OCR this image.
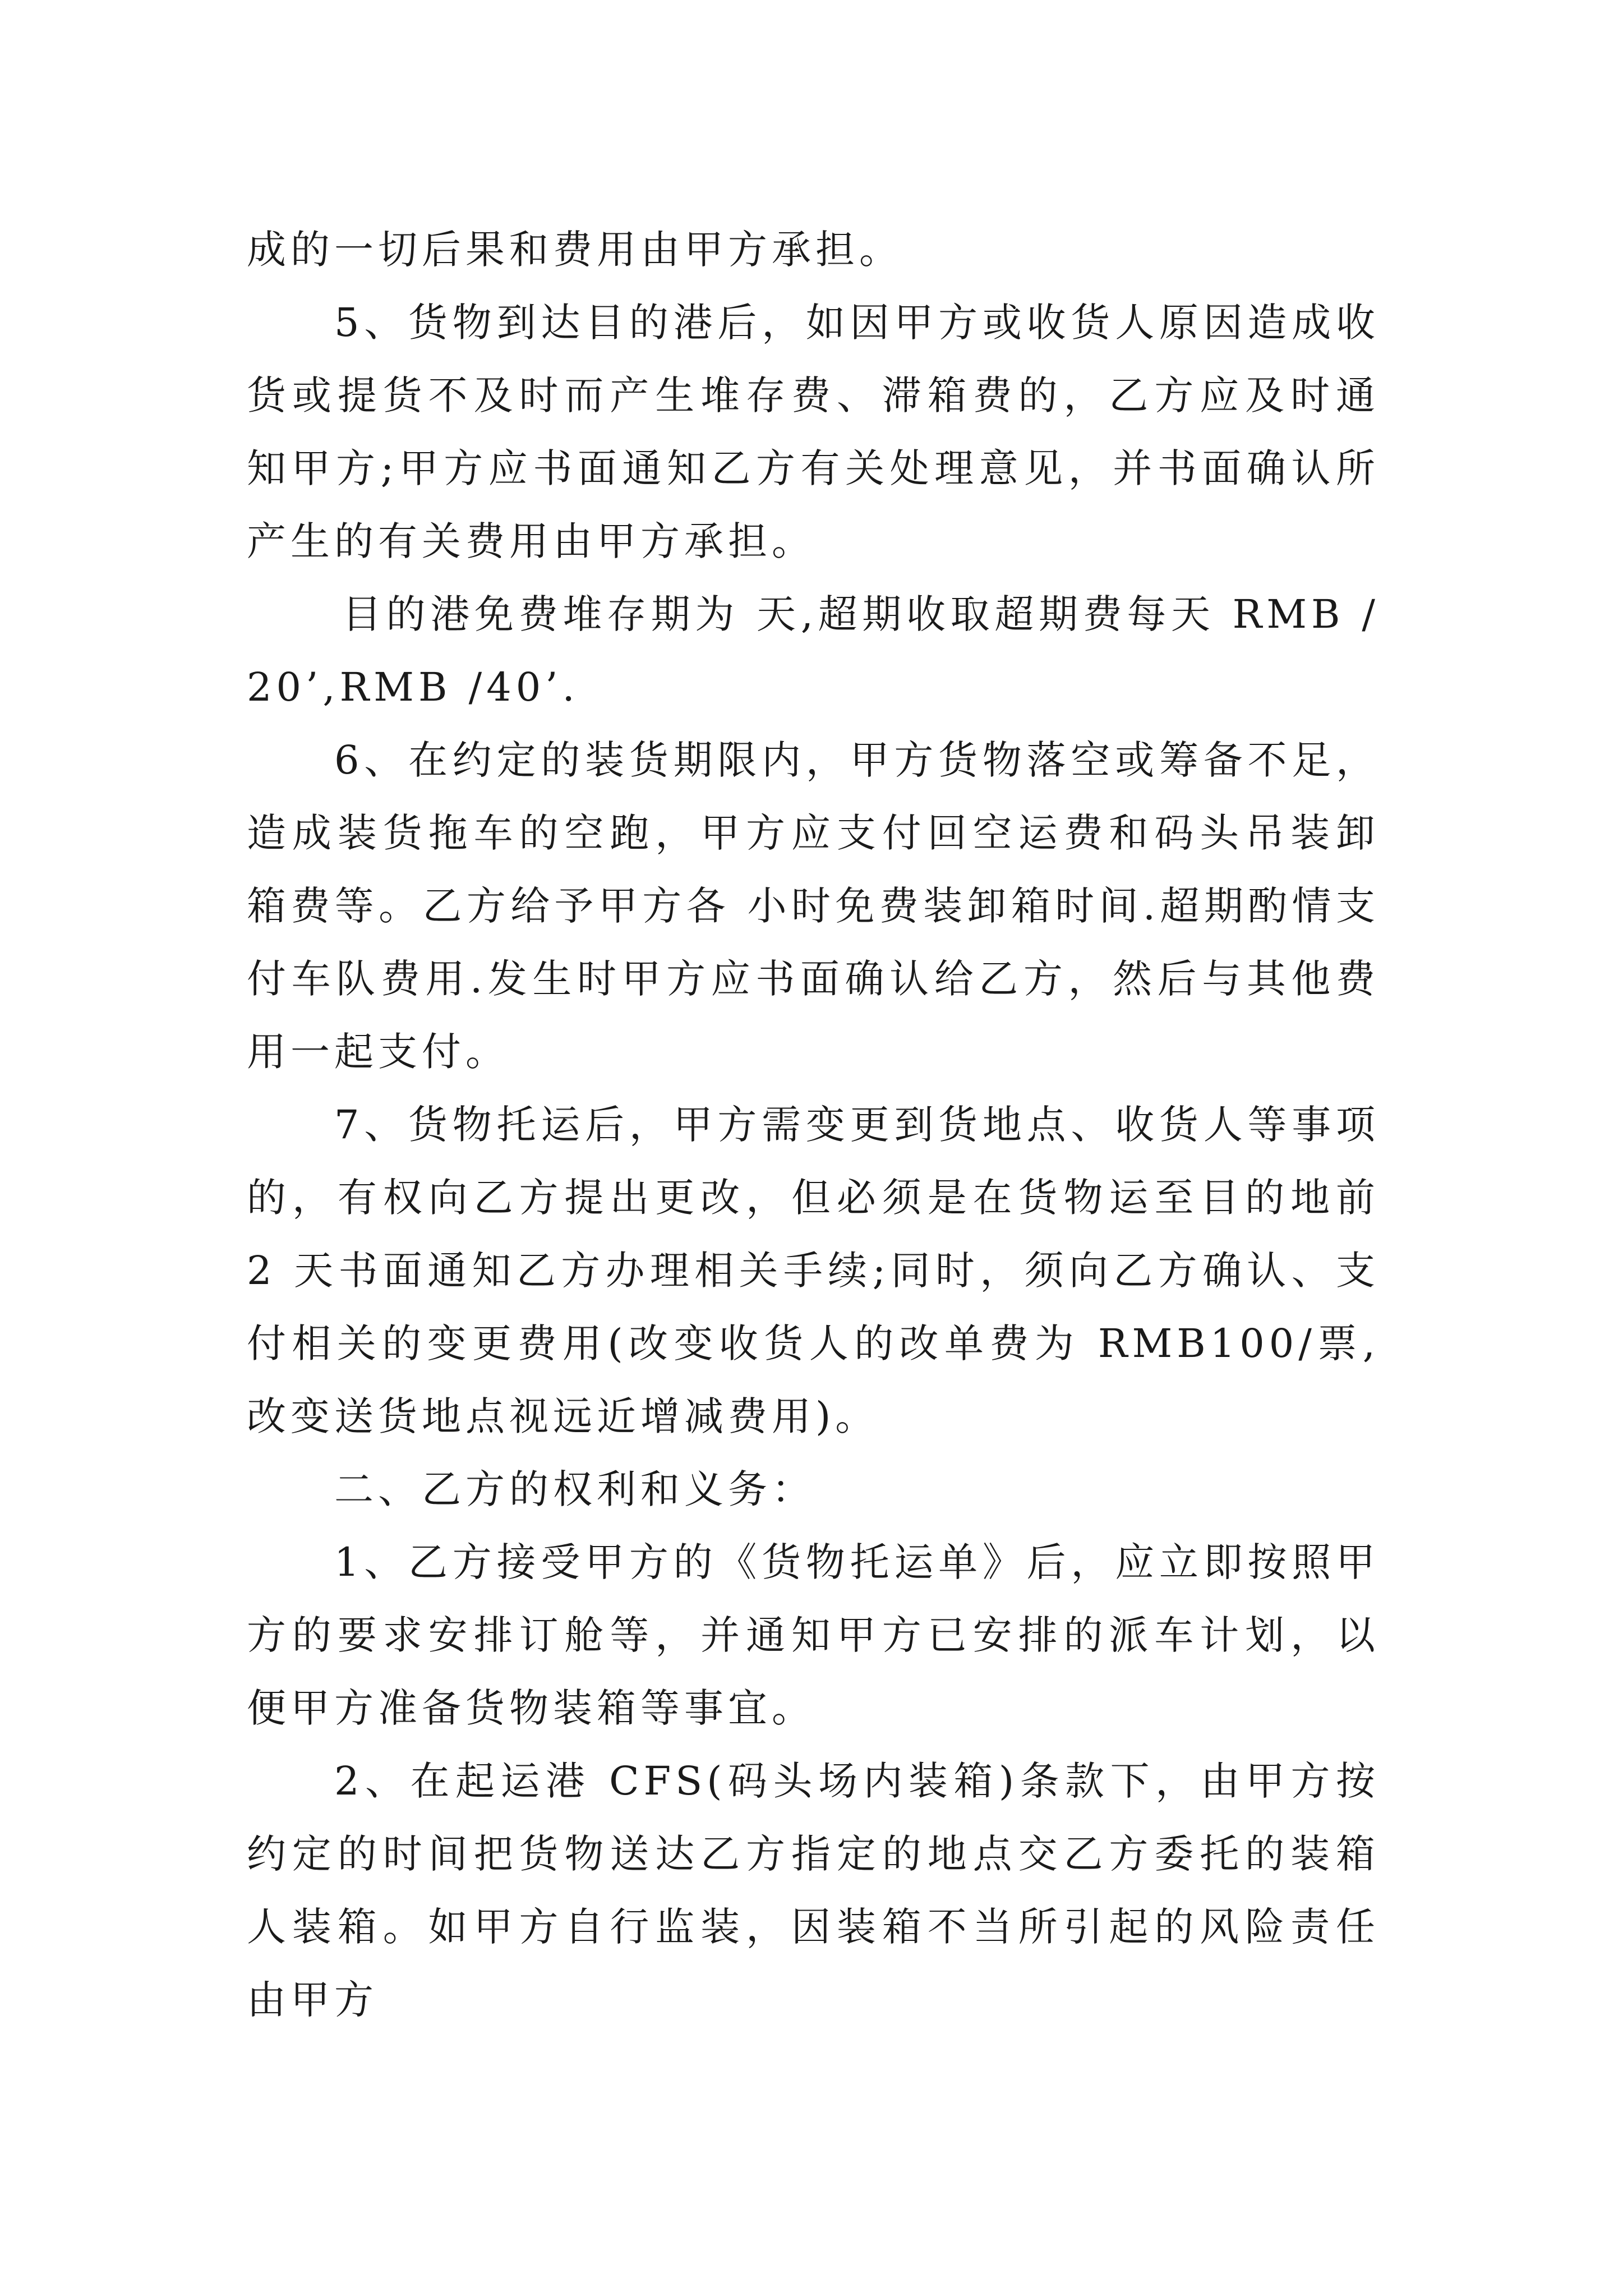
成的一切后果和费用由甲方承担。

5、货物到达目的港后，如因甲方或收货人原因造成收货或提货不及时而产生堆存费、滞箱费的，乙方应及时通知甲方;甲方应书面通知乙方有关处理意见，并书面确认所产生的有关费用由甲方承担。

目的港免费堆存期为 天,超期收取超期费每天 RMB /20’,RMB /40’.

6、在约定的装货期限内，甲方货物落空或筹备不足，造成装货拖车的空跑，甲方应支付回空运费和码头吊装卸箱费等。乙方给予甲方各 小时免费装卸箱时间.超期酌情支付车队费用.发生时甲方应书面确认给乙方，然后与其他费用一起支付。

7、货物托运后，甲方需变更到货地点、收货人等事项的，有权向乙方提出更改，但必须是在货物运至目的地前 2 天书面通知乙方办理相关手续;同时，须向乙方确认、支付相关的变更费用(改变收货人的改单费为 RMB100/票,改变送货地点视远近增减费用)。

二、乙方的权利和义务：

1、乙方接受甲方的《货物托运单》后，应立即按照甲方的要求安排订舱等，并通知甲方已安排的派车计划，以便甲方准备货物装箱等事宜。

2、在起运港 CFS(码头场内装箱)条款下，由甲方按约定的时间把货物送达乙方指定的地点交乙方委托的装箱人装箱。如甲方自行监装，因装箱不当所引起的风险责任由甲方
